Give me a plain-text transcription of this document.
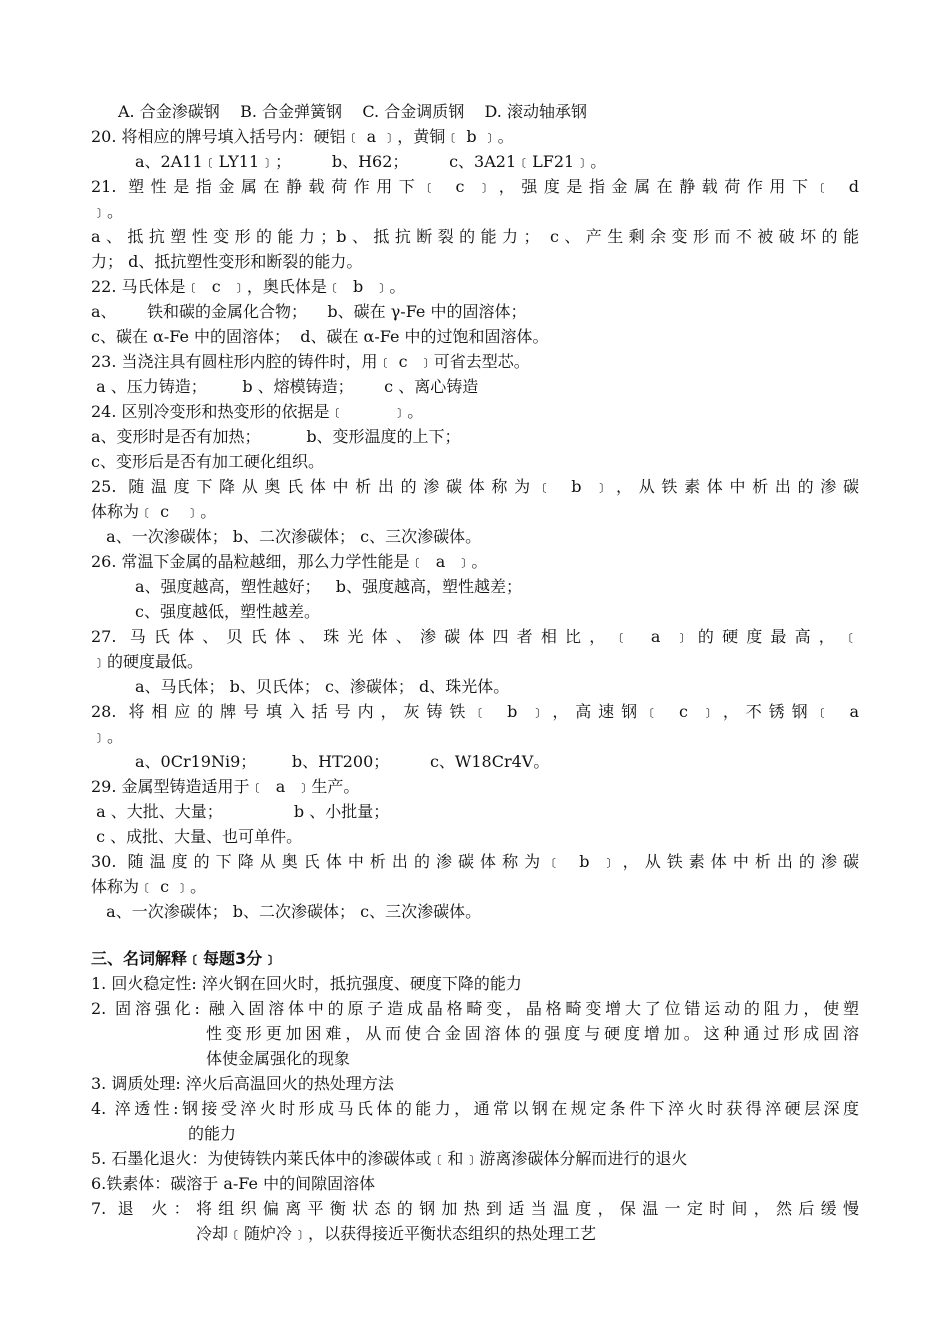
A. 合金渗碳钢    B. 合金弹簧钢    C. 合金调质钢    D. 滚动轴承钢
20. 将相应的牌号填入括号内：硬铝﹝ a ﹞，黄铜﹝ b ﹞。
a、2A11﹝LY11﹞；        b、H62；        c、3A21﹝LF21﹞。
21. 塑性是指金属在静载荷作用下﹝ c ﹞，强度是指金属在静载荷作用下﹝ d
﹞。
a、抵抗塑性变形的能力；b、抵抗断裂的能力； c、产生剩余变形而不被破坏的能
力； d、抵抗塑性变形和断裂的能力。
22. 马氏体是﹝  c  ﹞，奥氏体是﹝  b  ﹞。
a、      铁和碳的金属化合物；    b、碳在 γ-Fe 中的固溶体；
c、碳在 α-Fe 中的固溶体；  d、碳在 α-Fe 中的过饱和固溶体。
23. 当浇注具有圆柱形内腔的铸件时，用﹝ c  ﹞可省去型芯。
a 、压力铸造；       b 、熔模铸造；      c 、离心铸造
24. 区别冷变形和热变形的依据是﹝         ﹞。
a、变形时是否有加热；         b、变形温度的上下；
c、变形后是否有加工硬化组织。
25. 随温度下降从奥氏体中析出的渗碳体称为﹝ b ﹞，从铁素体中析出的渗碳
体称为﹝ c   ﹞。
a、一次渗碳体； b、二次渗碳体； c、三次渗碳体。
26. 常温下金属的晶粒越细，那么力学性能是﹝  a  ﹞。
a、强度越高，塑性越好；   b、强度越高，塑性越差；
c、强度越低，塑性越差。
27. 马氏体、贝氏体、珠光体、渗碳体四者相比，﹝ a ﹞的硬度最高，﹝
﹞的硬度最低。
a、马氏体； b、贝氏体； c、渗碳体； d、珠光体。
28. 将相应的牌号填入括号内，灰铸铁﹝ b ﹞，高速钢﹝ c ﹞，不锈钢﹝ a
﹞。
a、0Cr19Ni9；       b、HT200；        c、W18Cr4V。
29. 金属型铸造适用于﹝  a  ﹞生产。
a 、大批、大量；              b 、小批量；
c 、成批、大量、也可单件。
30. 随温度的下降从奥氏体中析出的渗碳体称为﹝ b ﹞，从铁素体中析出的渗碳
体称为﹝ c ﹞。
a、一次渗碳体； b、二次渗碳体； c、三次渗碳体。
三、名词解释﹝每题3分﹞
1. 回火稳定性: 淬火钢在回火时，抵抗强度、硬度下降的能力
2. 固溶强化: 融入固溶体中的原子造成晶格畸变，晶格畸变增大了位错运动的阻力，使塑
性变形更加困难，从而使合金固溶体的强度与硬度增加。这种通过形成固溶
体使金属强化的现象
3. 调质处理: 淬火后高温回火的热处理方法
4. 淬透性:钢接受淬火时形成马氏体的能力，通常以钢在规定条件下淬火时获得淬硬层深度
的能力
5. 石墨化退火：为使铸铁内莱氏体中的渗碳体或﹝和﹞游离渗碳体分解而进行的退火
6.铁素体：碳溶于 a-Fe 中的间隙固溶体
7. 退 火：将组织偏离平衡状态的钢加热到适当温度，保温一定时间，然后缓慢
冷却﹝随炉冷﹞，以获得接近平衡状态组织的热处理工艺
